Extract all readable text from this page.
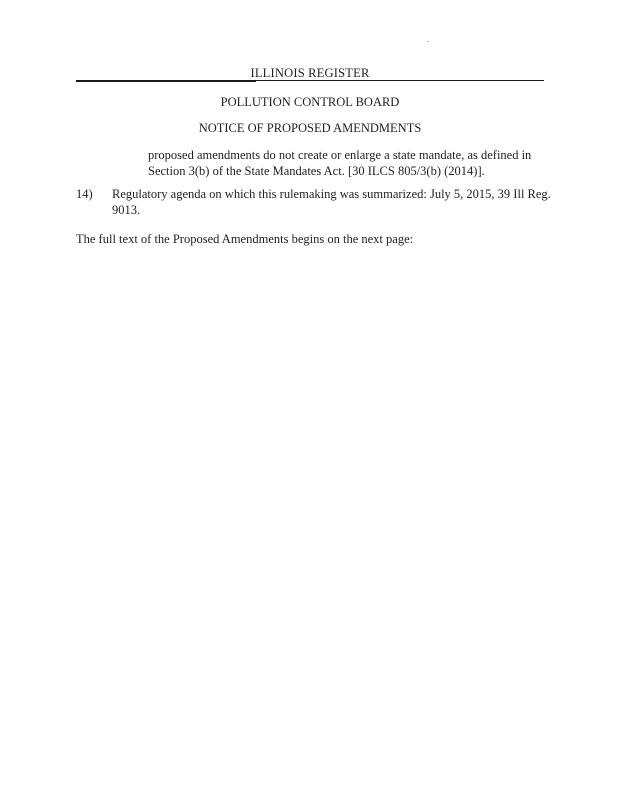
ILLINOIS REGISTER
POLLUTION CONTROL BOARD
NOTICE OF PROPOSED AMENDMENTS
proposed amendments do not create or enlarge a state mandate, as defined in
Section 3(b) of the State Mandates Act. [30 ILCS 805/3(b) (2014)].
14) Regulatory agenda on which this rulemaking was summarized: July 5, 2015, 39 Ill Reg.
9013.
The full text of the Proposed Amendments begins on the next page:
